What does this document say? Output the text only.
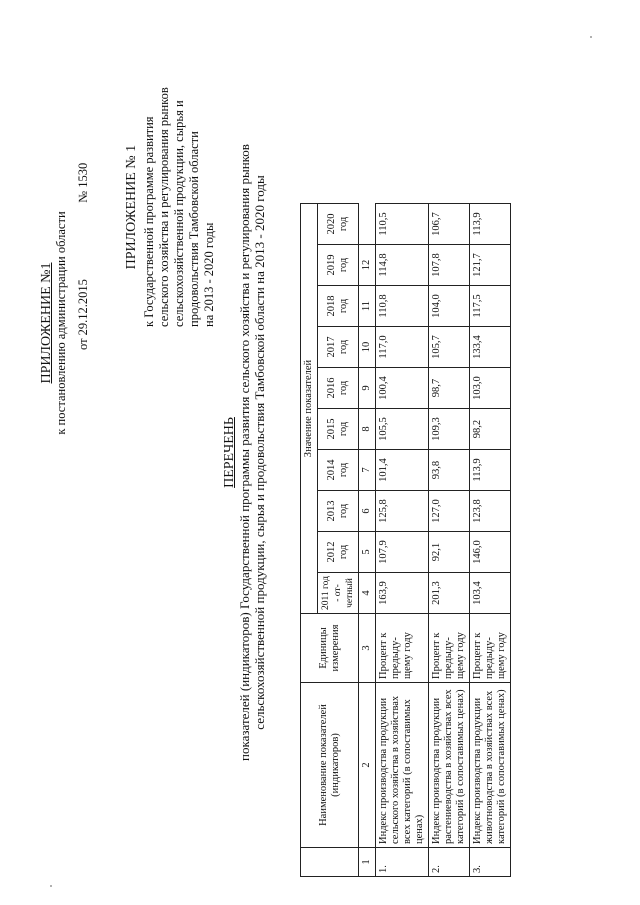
ПРИЛОЖЕНИЕ №1 к постановлению администрации области от 29.12.2015  № 1530 ПРИЛОЖЕНИЕ № 1 к Государственной программе развития сельского хозяйства и регулирования рынков сельскохозяйственной продукции, сырья и продовольствия Тамбовской области на 2013 - 2020 годы
ПЕРЕЧЕНЬ показателей (индикаторов) Государственной программы развития сельского хозяйства и регулирования рынков сельскохозяйственной продукции, сырья и продовольствия Тамбовской области на 2013 - 2020 годы
	Наименование показателей (индикаторов)	Единицы измерения	Значение показателей									
			2011 год - от-четный	2012 год	2013 год	2014 год	2015 год	2016 год	2017 год	2018 год	2019 год	2020 год
1	2	3	4	5	6	7	8	9	10	11	12	
1.	Индекс производства продукции сельского хозяйства в хозяйствах всех категорий (в сопоставимых ценах)	Процент к предыду-щему году	163,9	107,9	125,8	101,4	105,5	100,4	117,0	110,8	114,8	110,5
2.	Индекс производства продукции растениеводства в хозяйствах всех категорий (в сопоставимых ценах)	Процент к предыду-щему году	201,3	92,1	127,0	93,8	109,3	98,7	105,7	104,0	107,8	106,7
3.	Индекс производства продукции животноводства в хозяйствах всех категорий (в сопоставимых ценах)	Процент к предыду-щему году	103,4	146,0	123,8	113,9	98,2	103,0	133,4	117,5	121,7	113,9
